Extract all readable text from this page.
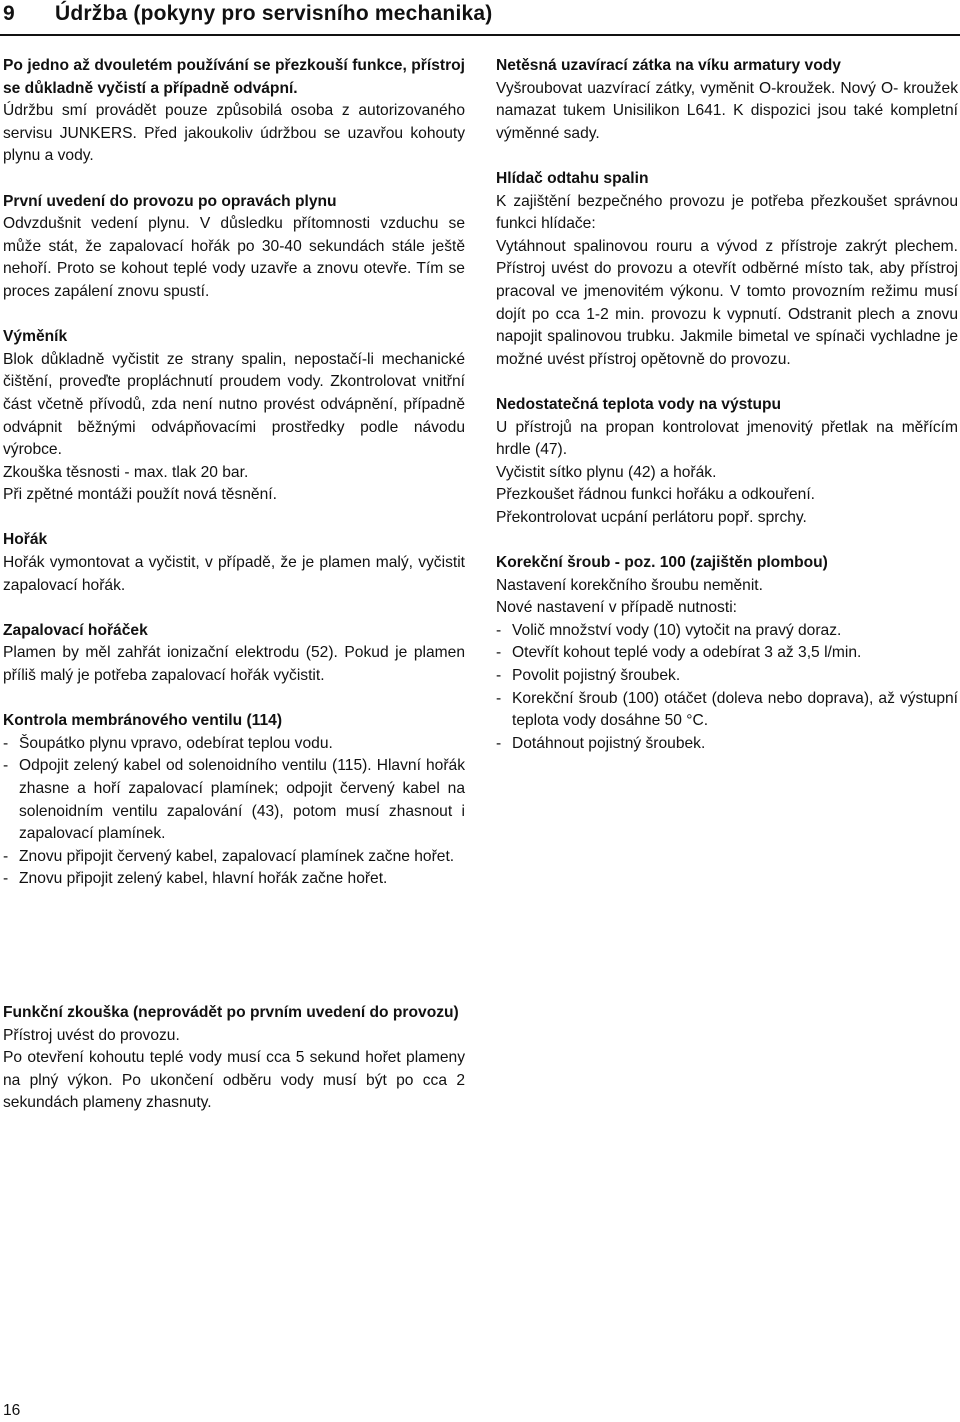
9 Údržba (pokyny pro servisního mechanika)

Po jedno až dvouletém používání se přezkouší funkce, přístroj se důkladně vyčistí a případně odvápní.

Údržbu smí provádět pouze způsobilá osoba z autorizovaného servisu JUNKERS. Před jakoukoliv údržbou se uzavřou kohouty plynu a vody.

První uvedení do provozu po opravách plynu

Odvzdušnit vedení plynu. V důsledku přítomnosti vzduchu se může stát, že zapalovací hořák po 30-40 sekundách stále ještě nehoří. Proto se kohout teplé vody uzavře a znovu otevře. Tím se proces zapálení znovu spustí.

Výměník

Blok důkladně vyčistit ze strany spalin, nepostačí-li mechanické čištění, proveďte propláchnutí proudem vody. Zkontrolovat vnitřní část včetně přívodů, zda není nutno provést odvápnění, případně odvápnit běžnými odvápňovacími prostředky podle návodu výrobce.

Zkouška těsnosti - max. tlak 20 bar.

Při zpětné montáži použít nová těsnění.

Hořák

Hořák vymontovat a vyčistit, v případě, že je plamen malý, vyčistit zapalovací hořák.

Zapalovací hořáček

Plamen by měl zahřát ionizační elektrodu (52). Pokud je plamen příliš malý je potřeba zapalovací hořák vyčistit.

Kontrola membránového ventilu (114)

- Šoupátko plynu vpravo, odebírat teplou vodu.

- Odpojit zelený kabel od solenoidního ventilu (115). Hlavní hořák zhasne a hoří zapalovací plamínek; odpojit červený kabel na solenoidním ventilu zapalování (43), potom musí zhasnout i zapalovací plamínek.

- Znovu připojit červený kabel, zapalovací plamínek začne hořet.

- Znovu připojit zelený kabel, hlavní hořák začne hořet.

Funkční zkouška (neprovádět po prvním uvedení do provozu)

Přístroj uvést do provozu.

Po otevření kohoutu teplé vody musí cca 5 sekund hořet plameny na plný výkon. Po ukončení odběru vody musí být po cca 2 sekundách plameny zhasnuty.

Netěsná uzavírací zátka na víku armatury vody

Vyšroubovat uazvírací zátky, vyměnit O-kroužek. Nový O- kroužek namazat tukem Unisilikon L641. K dispozici jsou také kompletní výměnné sady.

Hlídač odtahu spalin

K zajištění bezpečného provozu je potřeba přezkoušet správnou funkci hlídače:

Vytáhnout spalinovou rouru a vývod z přístroje zakrýt plechem. Přístroj uvést do provozu a otevřít odběrné místo tak, aby přístroj pracoval ve jmenovitém výkonu. V tomto provozním režimu musí dojít po cca 1-2 min. provozu k vypnutí. Odstranit plech a znovu napojit spalinovou trubku. Jakmile bimetal ve spínači vychladne je možné uvést přístroj opětovně do provozu.

Nedostatečná teplota vody na výstupu

U přístrojů na propan kontrolovat jmenovitý přetlak na měřícím hrdle (47).

Vyčistit sítko plynu (42) a hořák.

Přezkoušet řádnou funkci hořáku a odkouření.

Překontrolovat ucpání perlátoru popř. sprchy.

Korekční šroub - poz. 100 (zajištěn plombou)

Nastavení korekčního šroubu neměnit.

Nové nastavení v případě nutnosti:

- Volič množství vody (10) vytočit na pravý doraz.

- Otevřít kohout teplé vody a odebírat 3 až 3,5 l/min.

- Povolit pojistný šroubek.

- Korekční šroub (100) otáčet (doleva nebo doprava), až výstupní teplota vody dosáhne 50 °C.

- Dotáhnout pojistný šroubek.

16
